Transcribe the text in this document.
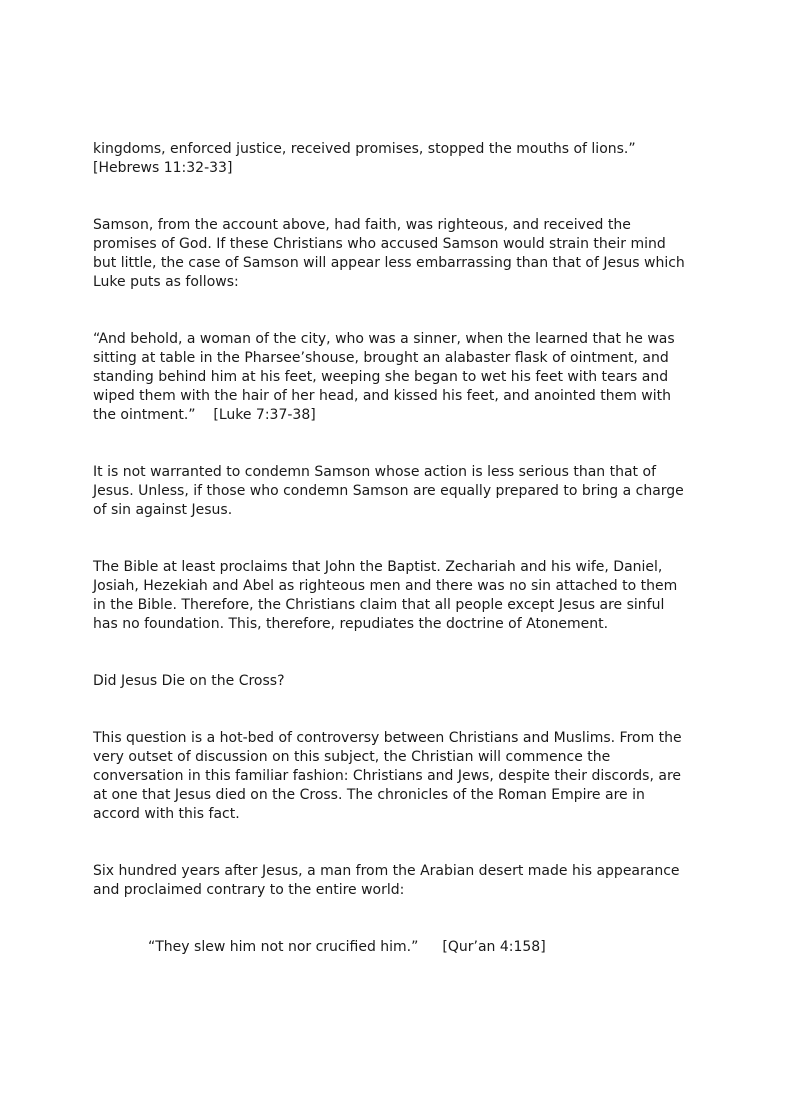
kingdoms, enforced justice, received promises, stopped the mouths of lions.”
[Hebrews 11:32-33]

Samson, from the account above, had faith, was righteous, and received the
promises of God. If these Christians who accused Samson would strain their mind
but little, the case of Samson will appear less embarrassing than that of Jesus which
Luke puts as follows:

“And behold, a woman of the city, who was a sinner, when the learned that he was
sitting at table in the Pharsee’shouse, brought an alabaster flask of ointment, and
standing behind him at his feet, weeping she began to wet his feet with tears and
wiped them with the hair of her head, and kissed his feet, and anointed them with
the ointment.”    [Luke 7:37-38]

It is not warranted to condemn Samson whose action is less serious than that of
Jesus. Unless, if those who condemn Samson are equally prepared to bring a charge
of sin against Jesus.

The Bible at least proclaims that John the Baptist. Zechariah and his wife, Daniel,
Josiah, Hezekiah and Abel as righteous men and there was no sin attached to them
in the Bible. Therefore, the Christians claim that all people except Jesus are sinful
has no foundation. This, therefore, repudiates the doctrine of Atonement.

Did Jesus Die on the Cross?

This question is a hot-bed of controversy between Christians and Muslims. From the
very outset of discussion on this subject, the Christian will commence the
conversation in this familiar fashion: Christians and Jews, despite their discords, are
at one that Jesus died on the Cross. The chronicles of the Roman Empire are in
accord with this fact.

Six hundred years after Jesus, a man from the Arabian desert made his appearance
and proclaimed contrary to the entire world:

“They slew him not nor crucified him.” [Qur’an 4:158]
